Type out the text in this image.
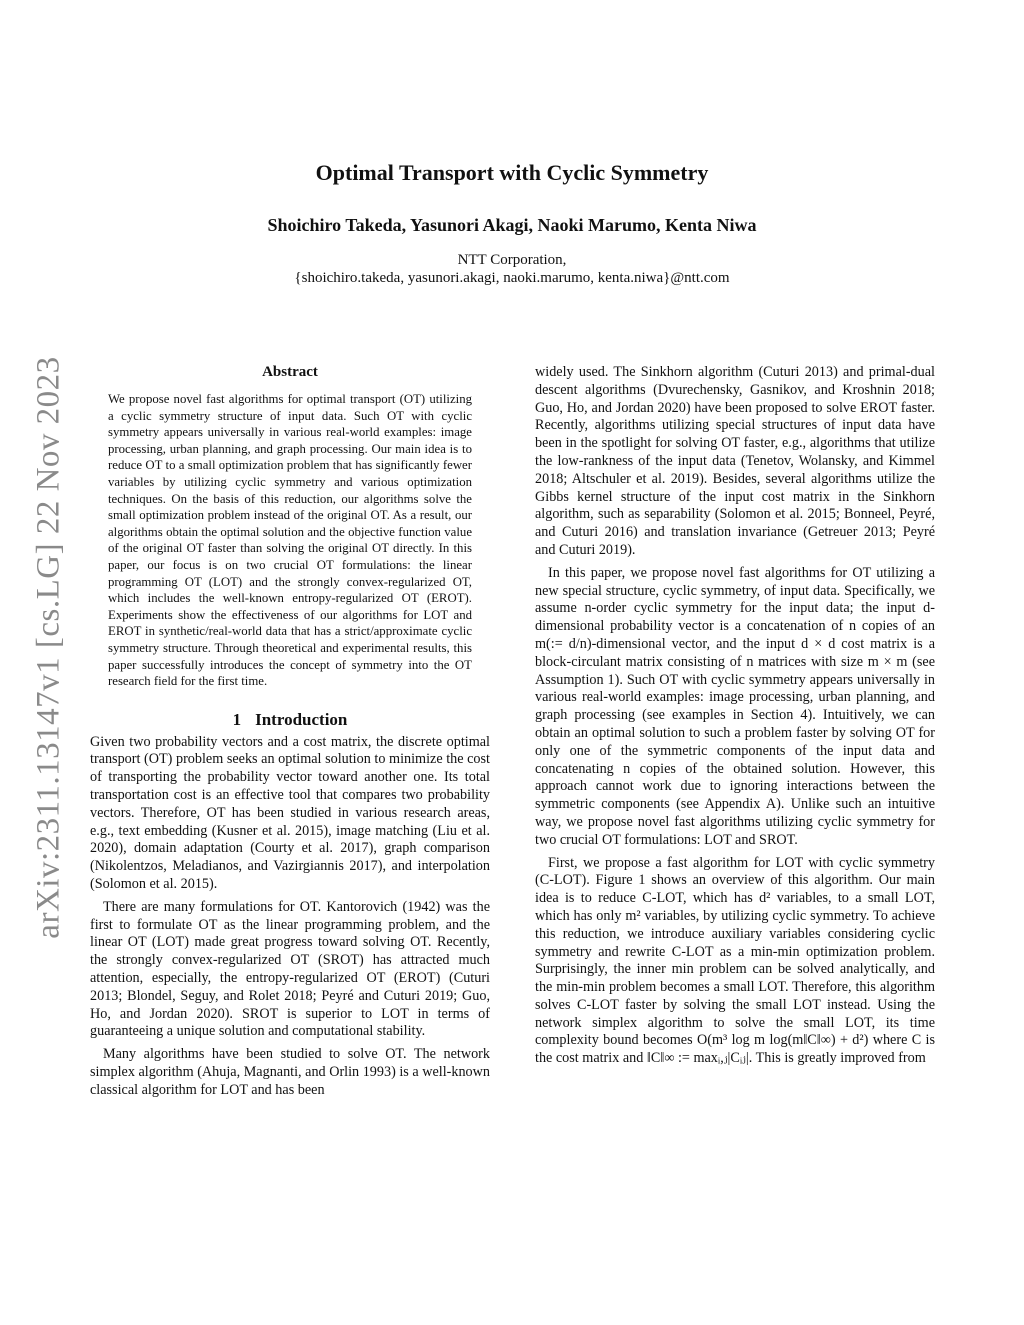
arXiv:2311.13147v1 [cs.LG] 22 Nov 2023
Optimal Transport with Cyclic Symmetry
Shoichiro Takeda, Yasunori Akagi, Naoki Marumo, Kenta Niwa
NTT Corporation,
{shoichiro.takeda, yasunori.akagi, naoki.marumo, kenta.niwa}@ntt.com
Abstract

We propose novel fast algorithms for optimal transport (OT) utilizing a cyclic symmetry structure of input data. Such OT with cyclic symmetry appears universally in various real-world examples: image processing, urban planning, and graph processing. Our main idea is to reduce OT to a small optimization problem that has significantly fewer variables by utilizing cyclic symmetry and various optimization techniques. On the basis of this reduction, our algorithms solve the small optimization problem instead of the original OT. As a result, our algorithms obtain the optimal solution and the objective function value of the original OT faster than solving the original OT directly. In this paper, our focus is on two crucial OT formulations: the linear programming OT (LOT) and the strongly convex-regularized OT, which includes the well-known entropy-regularized OT (EROT). Experiments show the effectiveness of our algorithms for LOT and EROT in synthetic/real-world data that has a strict/approximate cyclic symmetry structure. Through theoretical and experimental results, this paper successfully introduces the concept of symmetry into the OT research field for the first time.

1 Introduction

Given two probability vectors and a cost matrix, the discrete optimal transport (OT) problem seeks an optimal solution to minimize the cost of transporting the probability vector toward another one. Its total transportation cost is an effective tool that compares two probability vectors. Therefore, OT has been studied in various research areas, e.g., text embedding (Kusner et al. 2015), image matching (Liu et al. 2020), domain adaptation (Courty et al. 2017), graph comparison (Nikolentzos, Meladianos, and Vazirgiannis 2017), and interpolation (Solomon et al. 2015).

There are many formulations for OT. Kantorovich (1942) was the first to formulate OT as the linear programming problem, and the linear OT (LOT) made great progress toward solving OT. Recently, the strongly convex-regularized OT (SROT) has attracted much attention, especially, the entropy-regularized OT (EROT) (Cuturi 2013; Blondel, Seguy, and Rolet 2018; Peyré and Cuturi 2019; Guo, Ho, and Jordan 2020). SROT is superior to LOT in terms of guaranteeing a unique solution and computational stability.

Many algorithms have been studied to solve OT. The network simplex algorithm (Ahuja, Magnanti, and Orlin 1993) is a well-known classical algorithm for LOT and has been

widely used. The Sinkhorn algorithm (Cuturi 2013) and primal-dual descent algorithms (Dvurechensky, Gasnikov, and Kroshnin 2018; Guo, Ho, and Jordan 2020) have been proposed to solve EROT faster. Recently, algorithms utilizing special structures of input data have been in the spotlight for solving OT faster, e.g., algorithms that utilize the low-rankness of the input data (Tenetov, Wolansky, and Kimmel 2018; Altschuler et al. 2019). Besides, several algorithms utilize the Gibbs kernel structure of the input cost matrix in the Sinkhorn algorithm, such as separability (Solomon et al. 2015; Bonneel, Peyré, and Cuturi 2016) and translation invariance (Getreuer 2013; Peyré and Cuturi 2019).

In this paper, we propose novel fast algorithms for OT utilizing a new special structure, cyclic symmetry, of input data. Specifically, we assume n-order cyclic symmetry for the input data; the input d-dimensional probability vector is a concatenation of n copies of an m(:= d/n)-dimensional vector, and the input d × d cost matrix is a block-circulant matrix consisting of n matrices with size m × m (see Assumption 1). Such OT with cyclic symmetry appears universally in various real-world examples: image processing, urban planning, and graph processing (see examples in Section 4). Intuitively, we can obtain an optimal solution to such a problem faster by solving OT for only one of the symmetric components of the input data and concatenating n copies of the obtained solution. However, this approach cannot work due to ignoring interactions between the symmetric components (see Appendix A). Unlike such an intuitive way, we propose novel fast algorithms utilizing cyclic symmetry for two crucial OT formulations: LOT and SROT.

First, we propose a fast algorithm for LOT with cyclic symmetry (C-LOT). Figure 1 shows an overview of this algorithm. Our main idea is to reduce C-LOT, which has d² variables, to a small LOT, which has only m² variables, by utilizing cyclic symmetry. To achieve this reduction, we introduce auxiliary variables considering cyclic symmetry and rewrite C-LOT as a min-min optimization problem. Surprisingly, the inner min problem can be solved analytically, and the min-min problem becomes a small LOT. Therefore, this algorithm solves C-LOT faster by solving the small LOT instead. Using the network simplex algorithm to solve the small LOT, its time complexity bound becomes O(m³ log m log(m‖C‖∞) + d²) where C is the cost matrix and ‖C‖∞ := maxᵢ,ⱼ|Cᵢⱼ|. This is greatly improved from
